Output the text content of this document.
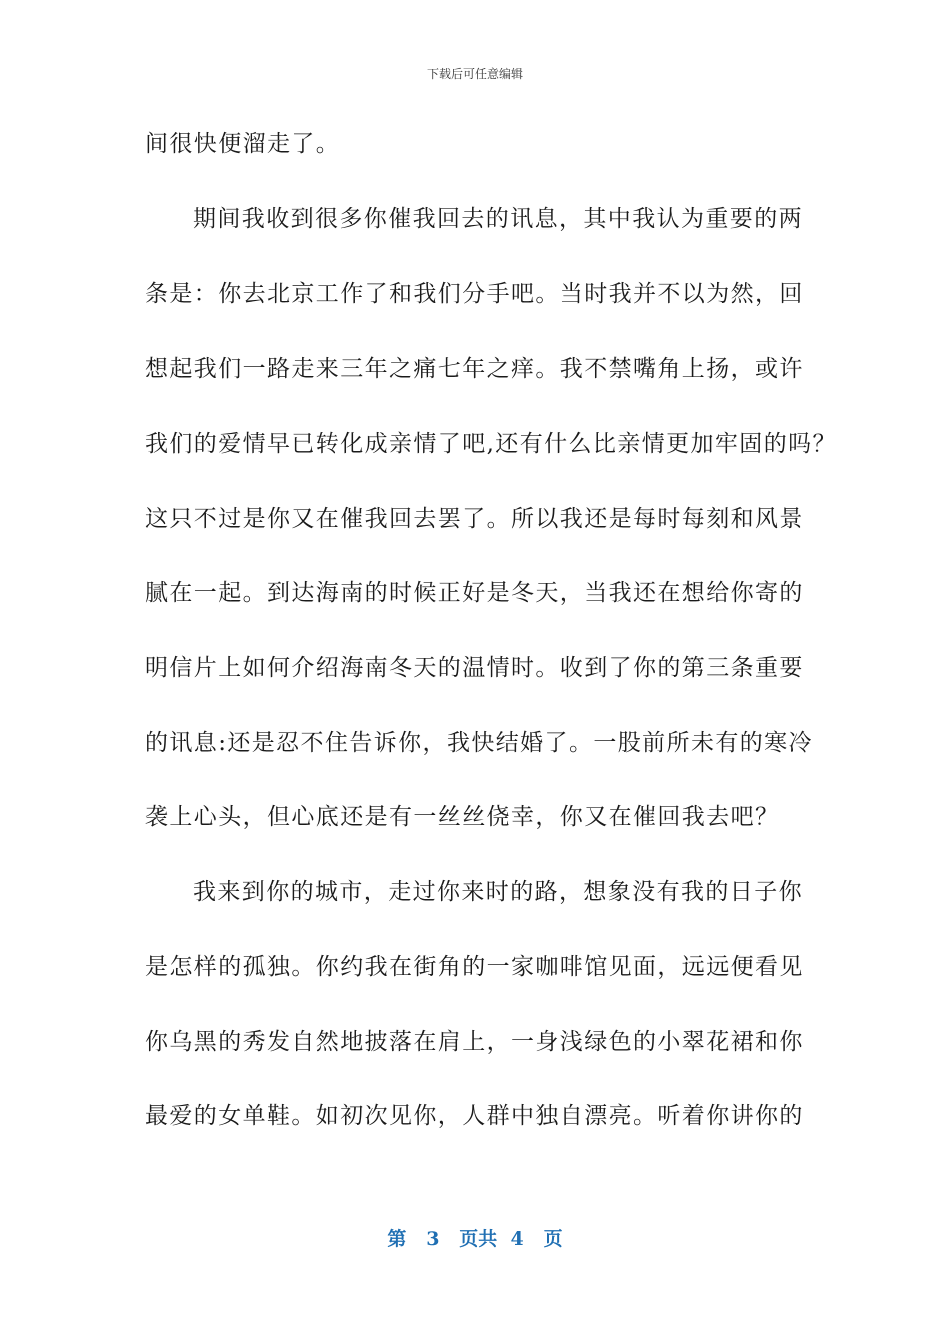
下载后可任意编辑
间很快便溜走了。
期间我收到很多你催我回去的讯息，其中我认为重要的两
条是：你去北京工作了和我们分手吧。当时我并不以为然，回
想起我们一路走来三年之痛七年之痒。我不禁嘴角上扬，或许
我们的爱情早已转化成亲情了吧,还有什么比亲情更加牢固的吗？
这只不过是你又在催我回去罢了。所以我还是每时每刻和风景
腻在一起。到达海南的时候正好是冬天，当我还在想给你寄的
明信片上如何介绍海南冬天的温情时。收到了你的第三条重要
的讯息:还是忍不住告诉你，我快结婚了。一股前所未有的寒冷
袭上心头，但心底还是有一丝丝侥幸，你又在催回我去吧？
我来到你的城市，走过你来时的路，想象没有我的日子你
是怎样的孤独。你约我在街角的一家咖啡馆见面，远远便看见
你乌黑的秀发自然地披落在肩上，一身浅绿色的小翠花裙和你
最爱的女单鞋。如初次见你，人群中独自漂亮。听着你讲你的
第 3 页共 4 页
